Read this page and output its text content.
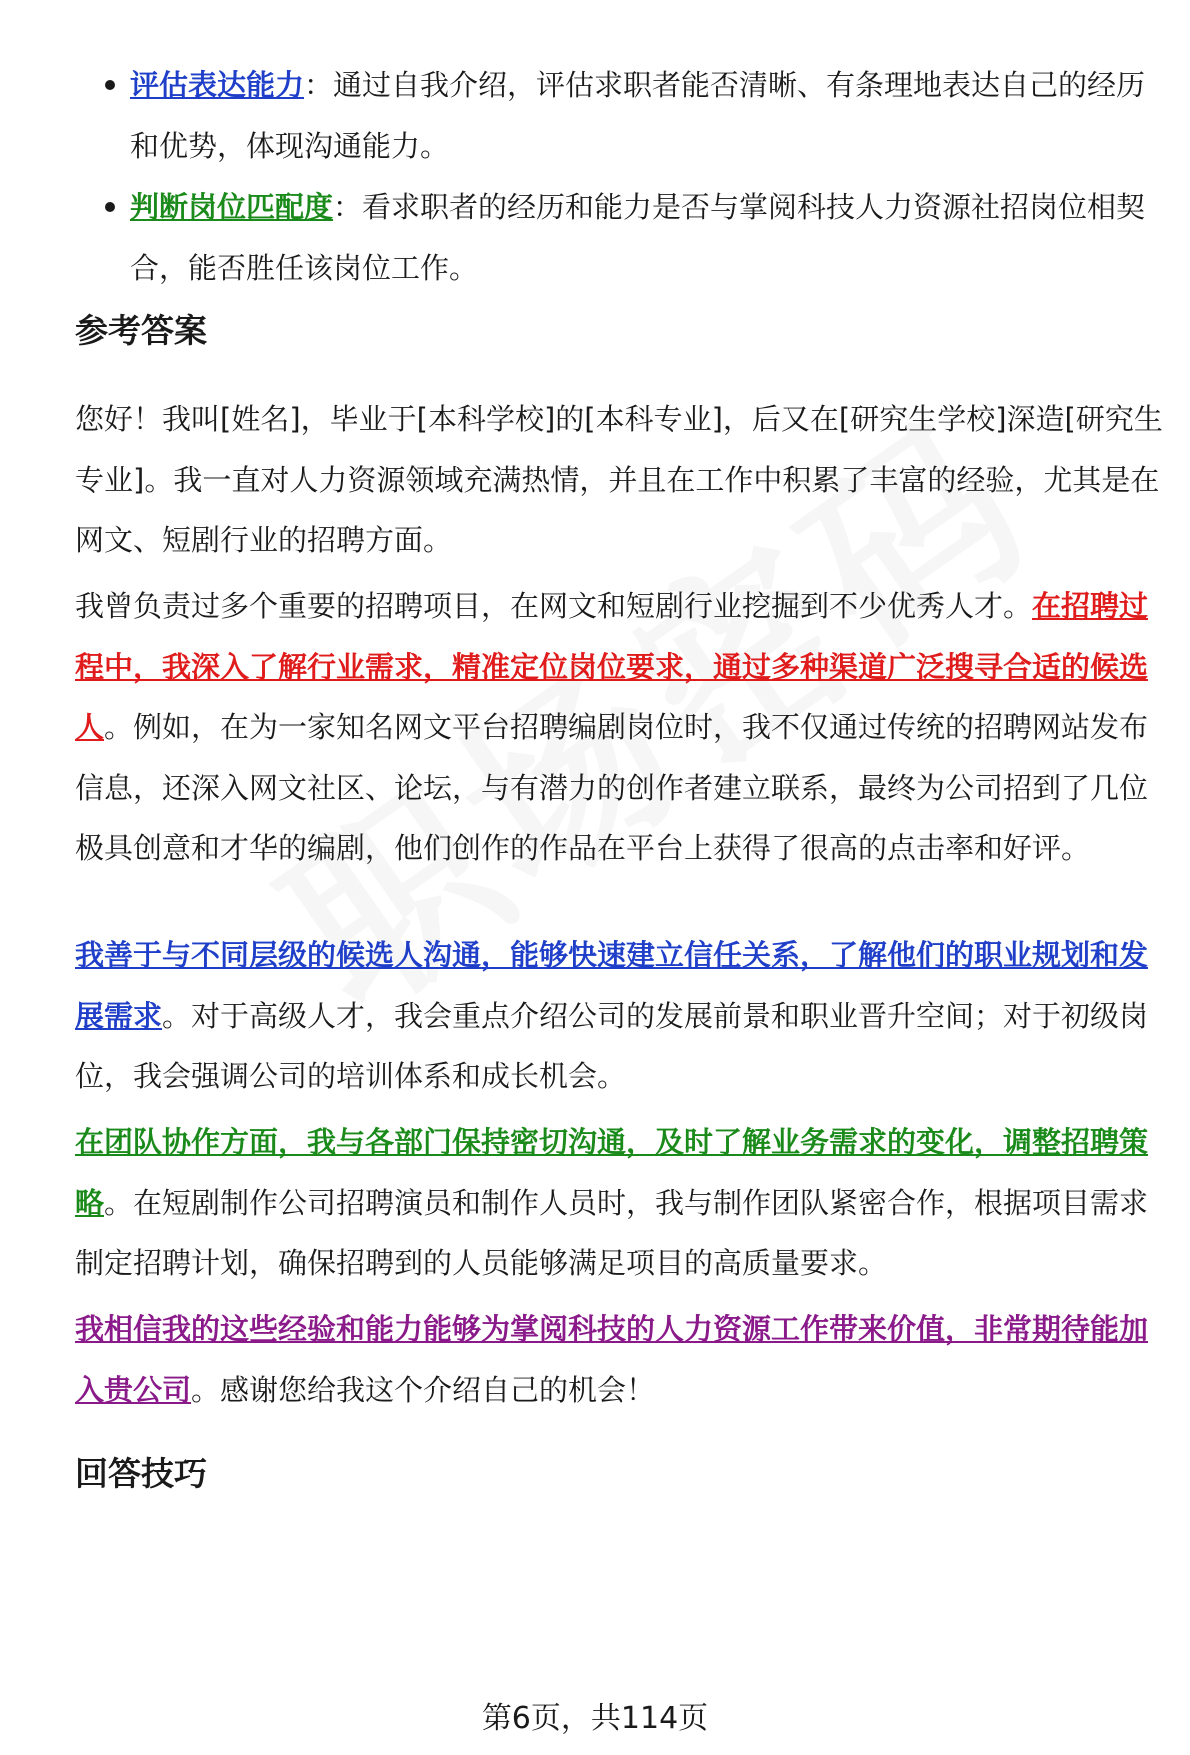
评估表达能力：通过自我介绍，评估求职者能否清晰、有条理地表达自己的经历和优势，体现沟通能力。
判断岗位匹配度：看求职者的经历和能力是否与掌阅科技人力资源社招岗位相契合，能否胜任该岗位工作。
参考答案

您好！我叫[姓名]，毕业于[本科学校]的[本科专业]，后又在[研究生学校]深造[研究生专业]。我一直对人力资源领域充满热情，并且在工作中积累了丰富的经验，尤其是在网文、短剧行业的招聘方面。

我曾负责过多个重要的招聘项目，在网文和短剧行业挖掘到不少优秀人才。在招聘过程中，我深入了解行业需求，精准定位岗位要求，通过多种渠道广泛搜寻合适的候选人。例如，在为一家知名网文平台招聘编剧岗位时，我不仅通过传统的招聘网站发布信息，还深入网文社区、论坛，与有潜力的创作者建立联系，最终为公司招到了几位极具创意和才华的编剧，他们创作的作品在平台上获得了很高的点击率和好评。

我善于与不同层级的候选人沟通，能够快速建立信任关系，了解他们的职业规划和发展需求。对于高级人才，我会重点介绍公司的发展前景和职业晋升空间；对于初级岗位，我会强调公司的培训体系和成长机会。

在团队协作方面，我与各部门保持密切沟通，及时了解业务需求的变化，调整招聘策略。在短剧制作公司招聘演员和制作人员时，我与制作团队紧密合作，根据项目需求制定招聘计划，确保招聘到的人员能够满足项目的高质量要求。

我相信我的这些经验和能力能够为掌阅科技的人力资源工作带来价值，非常期待能加入贵公司。感谢您给我这个介绍自己的机会！

回答技巧
第6页，共114页
